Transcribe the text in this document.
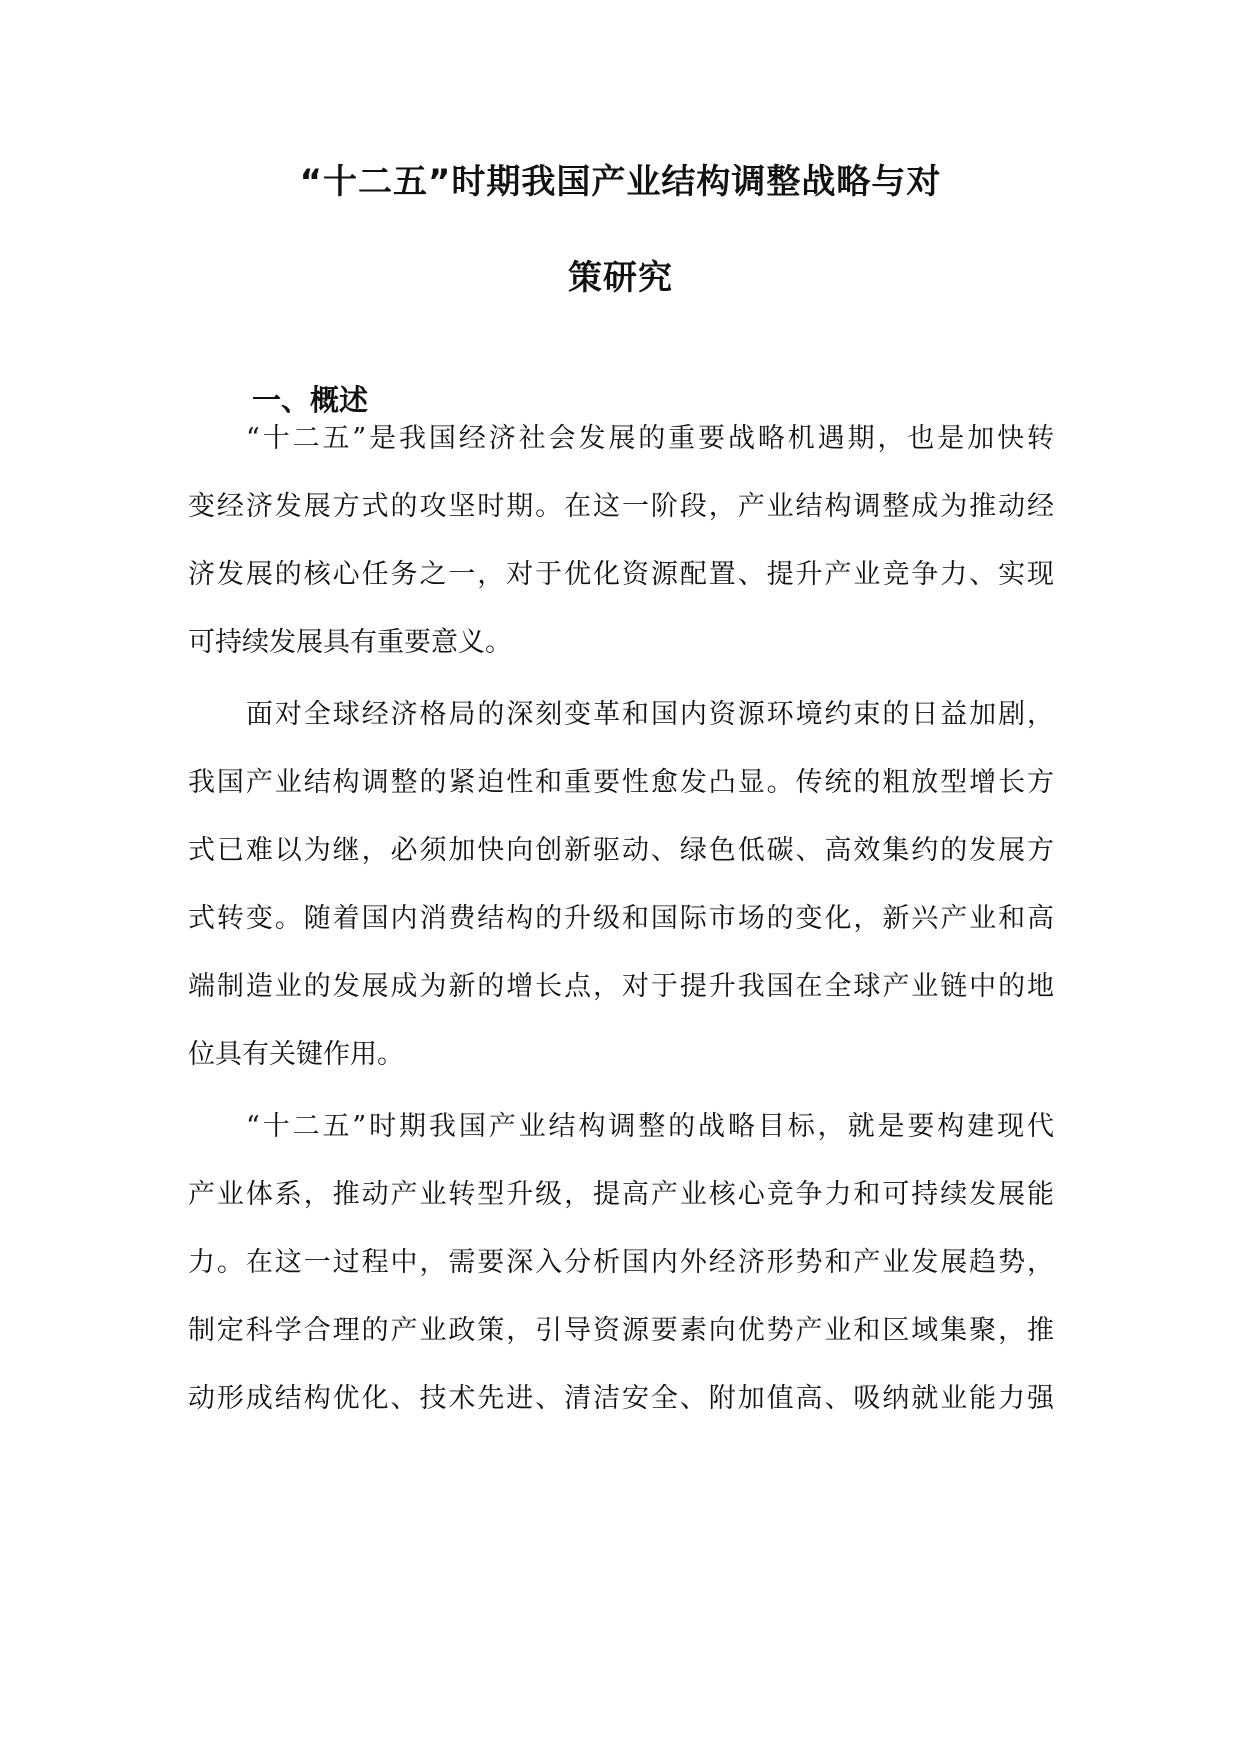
“十二五”时期我国产业结构调整战略与对
策研究
一、概述

“十二五”是我国经济社会发展的重要战略机遇期，也是加快转

变经济发展方式的攻坚时期。在这一阶段，产业结构调整成为推动经

济发展的核心任务之一，对于优化资源配置、提升产业竞争力、实现

可持续发展具有重要意义。

面对全球经济格局的深刻变革和国内资源环境约束的日益加剧，

我国产业结构调整的紧迫性和重要性愈发凸显。传统的粗放型增长方

式已难以为继，必须加快向创新驱动、绿色低碳、高效集约的发展方

式转变。随着国内消费结构的升级和国际市场的变化，新兴产业和高

端制造业的发展成为新的增长点，对于提升我国在全球产业链中的地

位具有关键作用。

“十二五”时期我国产业结构调整的战略目标，就是要构建现代

产业体系，推动产业转型升级，提高产业核心竞争力和可持续发展能

力。在这一过程中，需要深入分析国内外经济形势和产业发展趋势，

制定科学合理的产业政策，引导资源要素向优势产业和区域集聚，推

动形成结构优化、技术先进、清洁安全、附加值高、吸纳就业能力强
